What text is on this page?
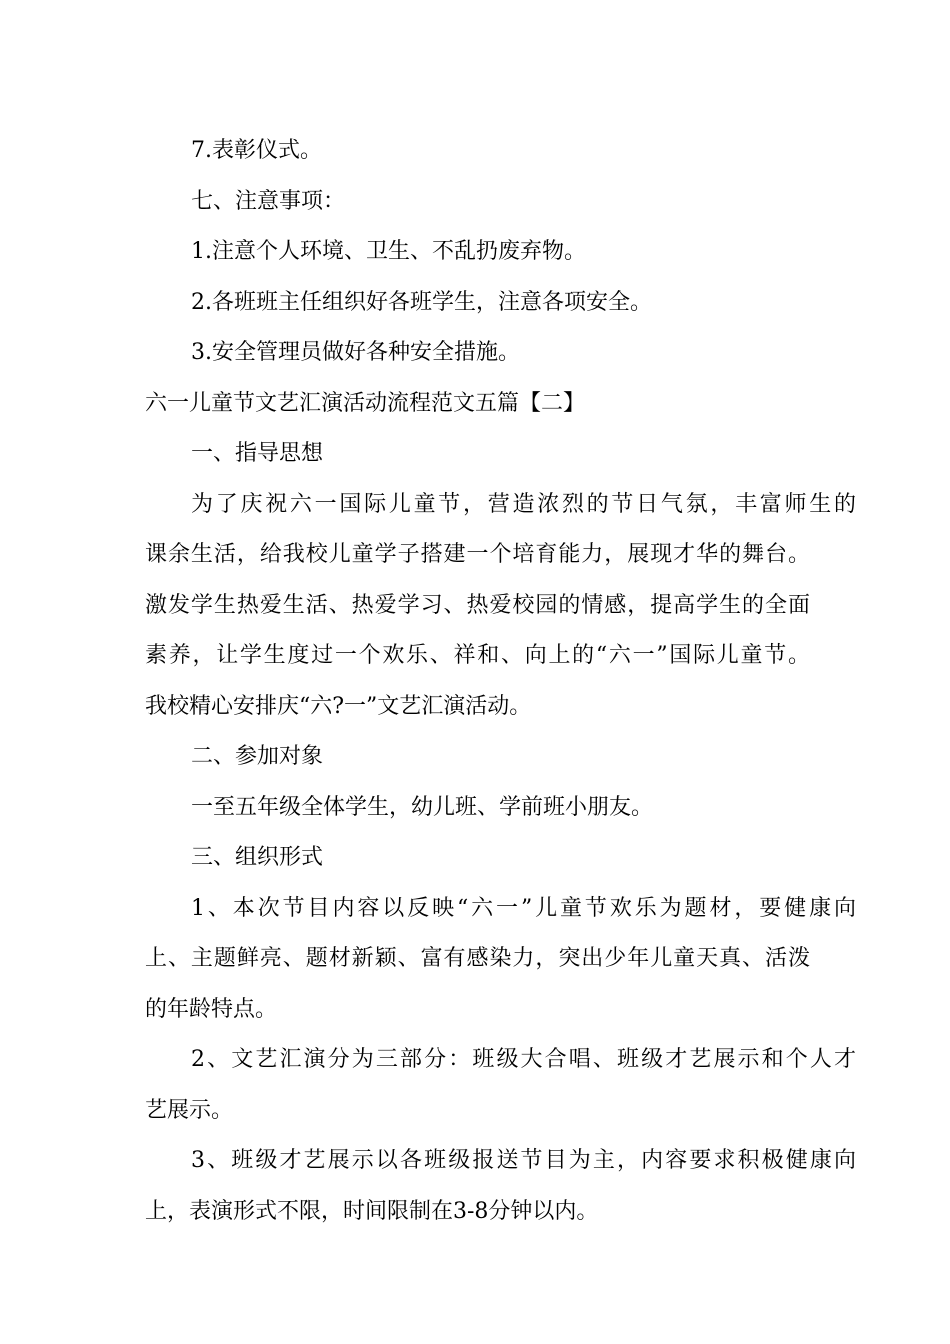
7.表彰仪式。
七、注意事项：
1.注意个人环境、卫生、不乱扔废弃物。
2.各班班主任组织好各班学生，注意各项安全。
3.安全管理员做好各种安全措施。
六一儿童节文艺汇演活动流程范文五篇【二】
一、指导思想
为了庆祝六一国际儿童节，营造浓烈的节日气氛，丰富师生的
课余生活，给我校儿童学子搭建一个培育能力，展现才华的舞台。
激发学生热爱生活、热爱学习、热爱校园的情感，提高学生的全面
素养，让学生度过一个欢乐、祥和、向上的“六一”国际儿童节。
我校精心安排庆“六?一”文艺汇演活动。
二、参加对象
一至五年级全体学生，幼儿班、学前班小朋友。
三、组织形式
1、本次节目内容以反映“六一”儿童节欢乐为题材，要健康向
上、主题鲜亮、题材新颖、富有感染力，突出少年儿童天真、活泼
的年龄特点。
2、文艺汇演分为三部分：班级大合唱、班级才艺展示和个人才
艺展示。
3、班级才艺展示以各班级报送节目为主，内容要求积极健康向
上，表演形式不限，时间限制在3-8分钟以内。
